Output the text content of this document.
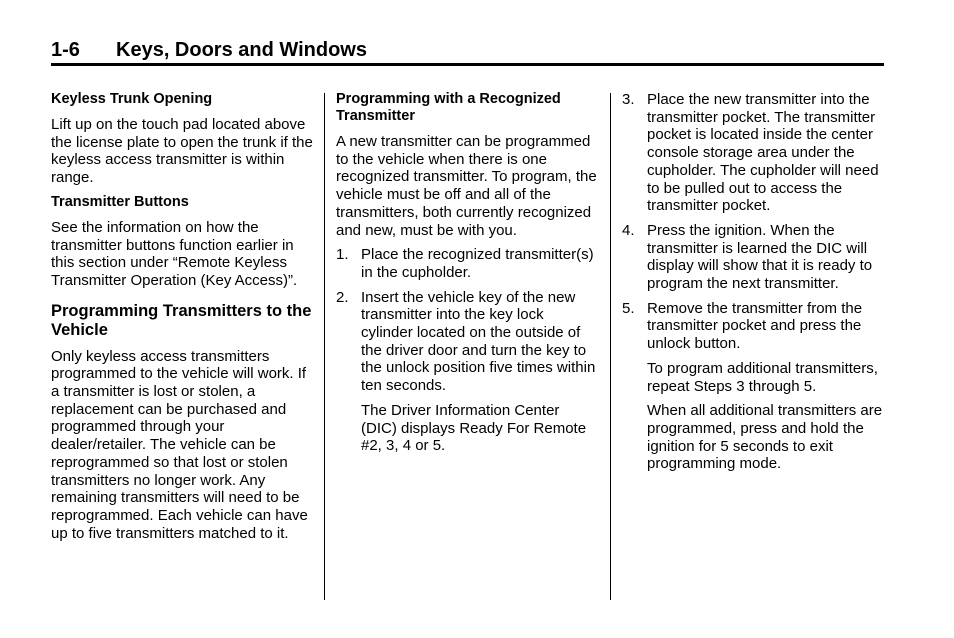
1-6 Keys, Doors and Windows
Keyless Trunk Opening

Lift up on the touch pad located above the license plate to open the trunk if the keyless access transmitter is within range.

Transmitter Buttons

See the information on how the transmitter buttons function earlier in this section under “Remote Keyless Transmitter Operation (Key Access)”.

Programming Transmitters to the Vehicle

Only keyless access transmitters programmed to the vehicle will work. If a transmitter is lost or stolen, a replacement can be purchased and programmed through your dealer/retailer. The vehicle can be reprogrammed so that lost or stolen transmitters no longer work. Any remaining transmitters will need to be reprogrammed. Each vehicle can have up to five transmitters matched to it.

Programming with a Recognized Transmitter

A new transmitter can be programmed to the vehicle when there is one recognized transmitter. To program, the vehicle must be off and all of the transmitters, both currently recognized and new, must be with you.

1. Place the recognized transmitter(s) in the cupholder.
2. Insert the vehicle key of the new transmitter into the key lock cylinder located on the outside of the driver door and turn the key to the unlock position five times within ten seconds.

The Driver Information Center (DIC) displays Ready For Remote #2, 3, 4 or 5.

3. Place the new transmitter into the transmitter pocket. The transmitter pocket is located inside the center console storage area under the cupholder. The cupholder will need to be pulled out to access the transmitter pocket.
4. Press the ignition. When the transmitter is learned the DIC will display will show that it is ready to program the next transmitter.
5. Remove the transmitter from the transmitter pocket and press the unlock button.

To program additional transmitters, repeat Steps 3 through 5.

When all additional transmitters are programmed, press and hold the ignition for 5 seconds to exit programming mode.
